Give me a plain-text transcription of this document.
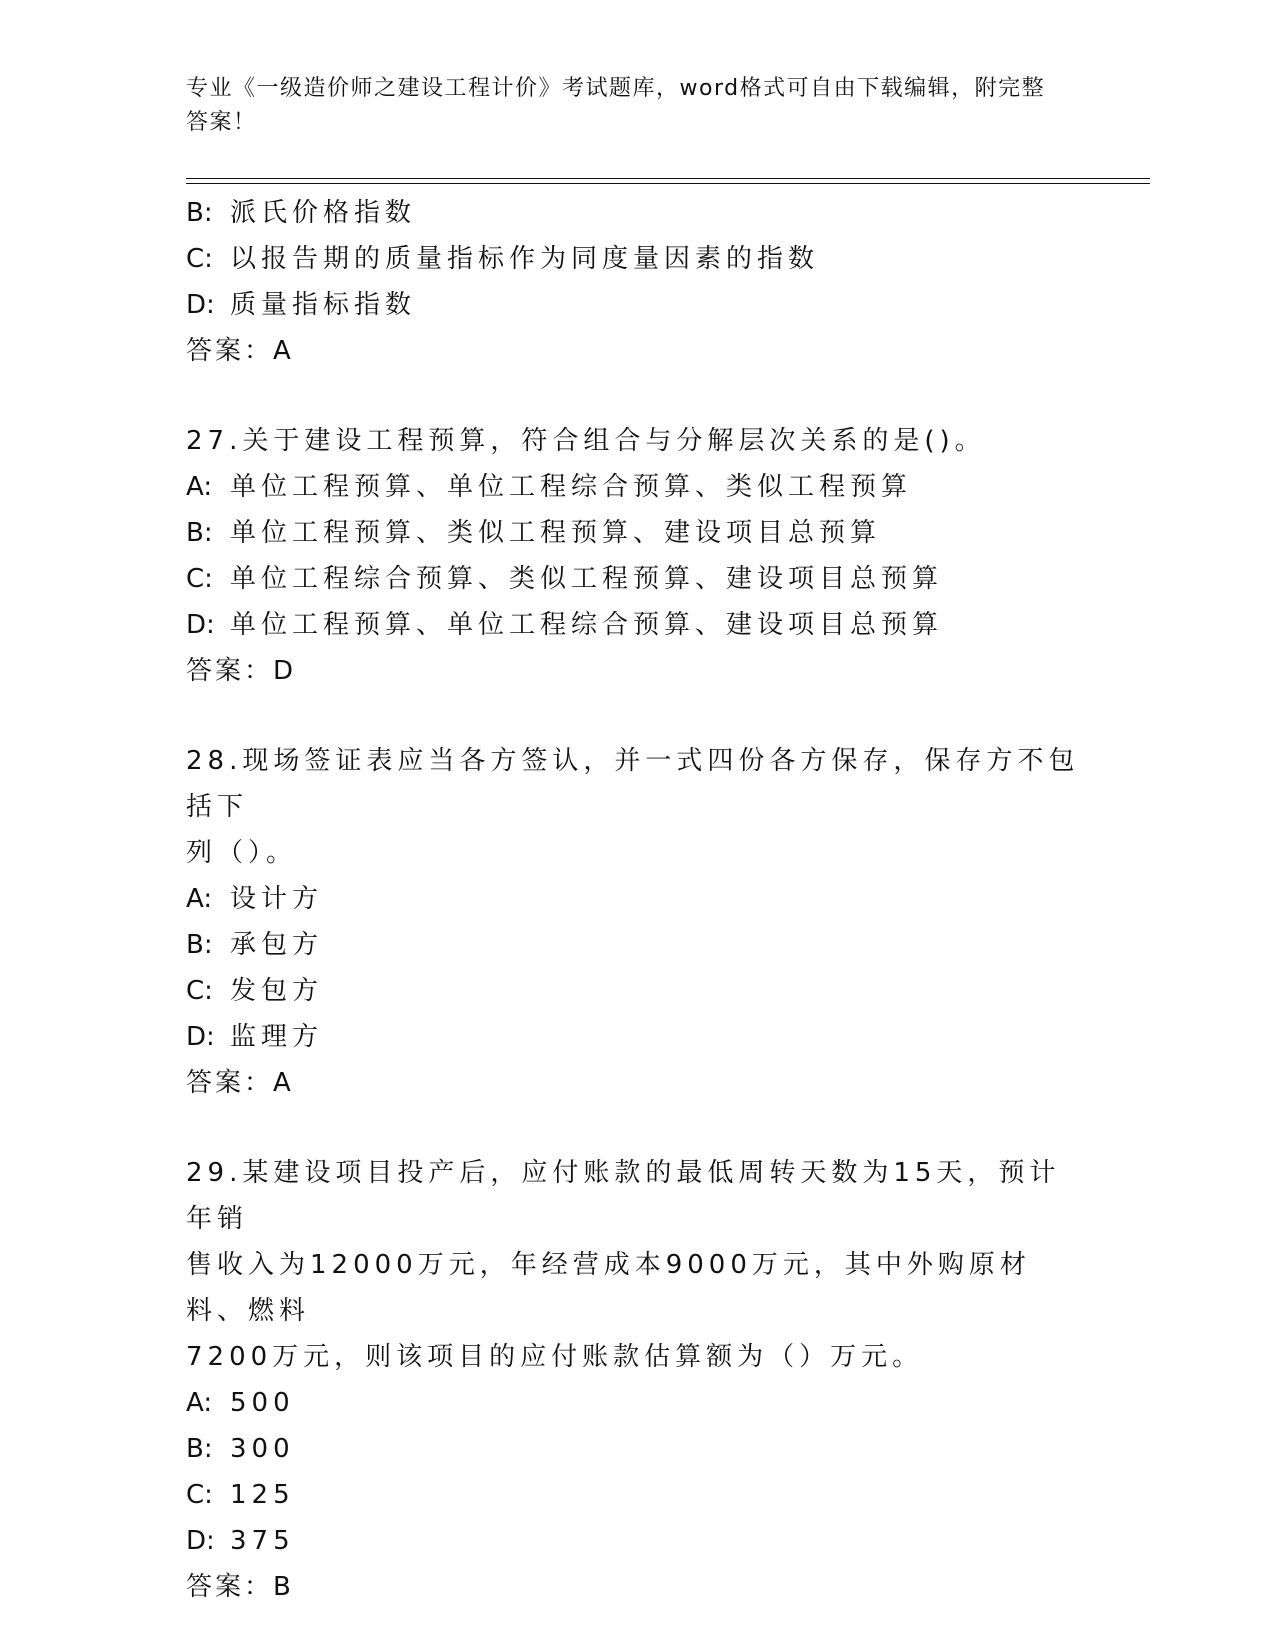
专业《一级造价师之建设工程计价》考试题库，word格式可自由下载编辑，附完整答案！
B: 派氏价格指数
C: 以报告期的质量指标作为同度量因素的指数
D: 质量指标指数
答案：A
27.关于建设工程预算，符合组合与分解层次关系的是()。
A: 单位工程预算、单位工程综合预算、类似工程预算
B: 单位工程预算、类似工程预算、建设项目总预算
C: 单位工程综合预算、类似工程预算、建设项目总预算
D: 单位工程预算、单位工程综合预算、建设项目总预算
答案：D
28.现场签证表应当各方签认，并一式四份各方保存，保存方不包括下
列（）。
A: 设计方
B: 承包方
C: 发包方
D: 监理方
答案：A
29.某建设项目投产后，应付账款的最低周转天数为15天，预计年销
售收入为12000万元，年经营成本9000万元，其中外购原材料、燃料
7200万元，则该项目的应付账款估算额为（）万元。
A: 500
B: 300
C: 125
D: 375
答案：B
